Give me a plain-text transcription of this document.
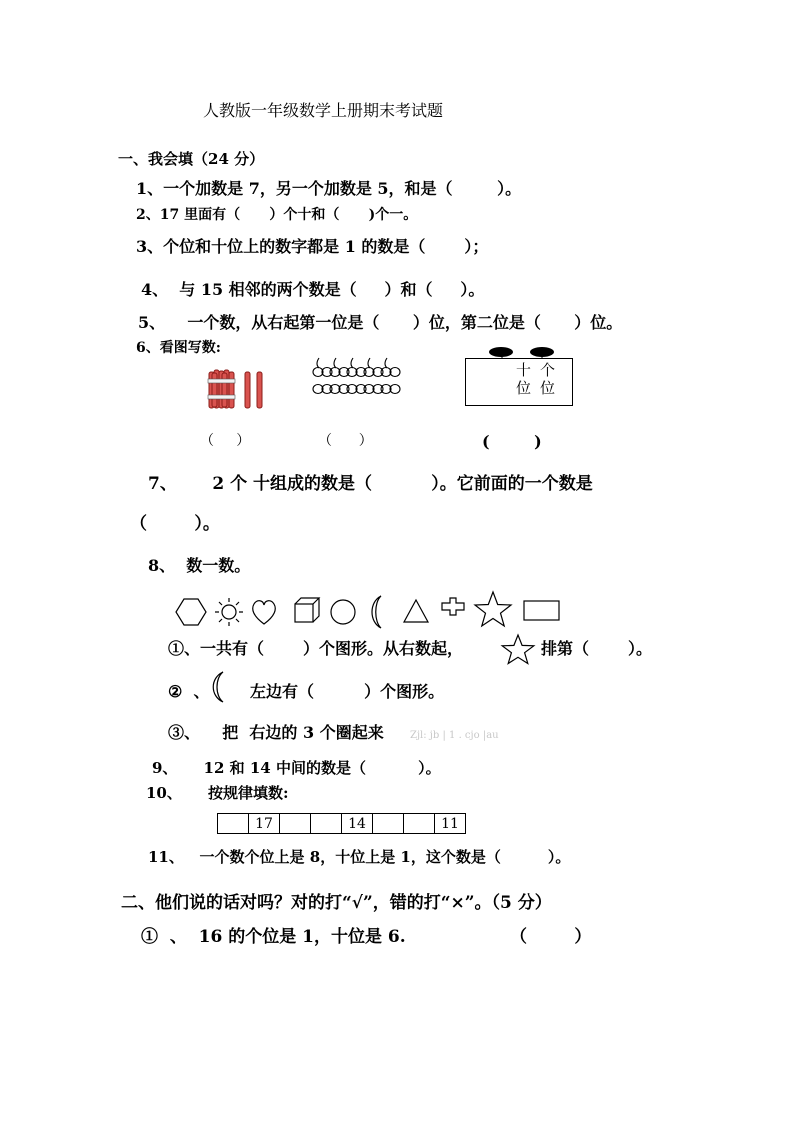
人教版一年级数学上册期末考试题
一、我会填（24 分）
1、一个加数是 7，另一个加数是 5，和是（        ）。
2、17 里面有（      ）个十和（      )个一。
3、个位和十位上的数字都是 1 的数是（       ）；
4、  与 15 相邻的两个数是（     ）和（     ）。
5、    一个数，从右起第一位是（      ）位，第二位是（      ）位。
6、看图写数:
十 个
位 位
（     ）	（      ）	(        )
7、      2 个 十组成的数是（          ）。它前面的一个数是
（        ）。
8、  数一数。
①、一共有（       ）个图形。从右数起，	排第（       ）。
②  、	左边有（         ）个图形。
③、    把  右边的 3 个圈起来	Zjl: jb | 1 . cjo |au
9、     12 和 14 中间的数是（          ）。
10、     按规律填数:
	17			14			11
11、   一个数个位上是 8，十位上是 1，这个数是（         ）。
二、他们说的话对吗？对的打“√”，错的打“×”。（5 分）
①  、  16 的个位是 1，十位是 6.	（        ）
